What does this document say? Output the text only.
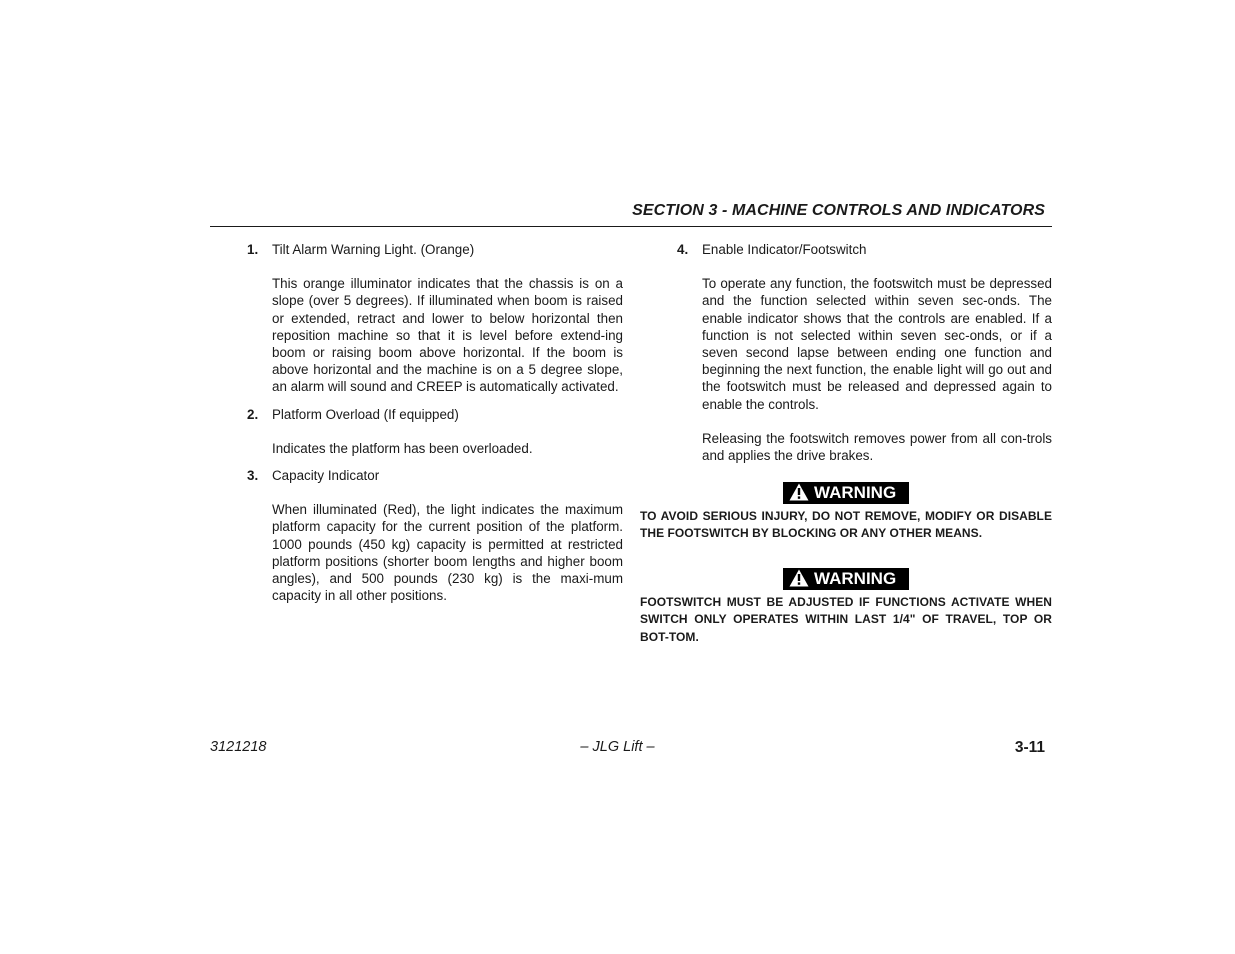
SECTION 3 - MACHINE CONTROLS AND INDICATORS
1.	Tilt Alarm Warning Light. (Orange)

This orange illuminator indicates that the chassis is on a slope (over 5 degrees). If illuminated when boom is raised or extended, retract and lower to below horizontal then reposition machine so that it is level before extend-ing boom or raising boom above horizontal. If the boom is above horizontal and the machine is on a 5 degree slope, an alarm will sound and CREEP is automatically activated.

2.	Platform Overload (If equipped)

Indicates the platform has been overloaded.

3.	Capacity Indicator

When illuminated (Red), the light indicates the maximum platform capacity for the current position of the platform. 1000 pounds (450 kg) capacity is permitted at restricted platform positions (shorter boom lengths and higher boom angles), and 500 pounds (230 kg) is the maxi-mum capacity in all other positions.

4.	Enable Indicator/Footswitch

To operate any function, the footswitch must be depressed and the function selected within seven sec-onds. The enable indicator shows that the controls are enabled. If a function is not selected within seven sec-onds, or if a seven second lapse between ending one function and beginning the next function, the enable light will go out and the footswitch must be released and depressed again to enable the controls.

Releasing the footswitch removes power from all con-trols and applies the drive brakes.

WARNING

TO AVOID SERIOUS INJURY, DO NOT REMOVE, MODIFY OR DISABLE THE FOOTSWITCH BY BLOCKING OR ANY OTHER MEANS.

WARNING

FOOTSWITCH MUST BE ADJUSTED IF FUNCTIONS ACTIVATE WHEN SWITCH ONLY OPERATES WITHIN LAST 1/4" OF TRAVEL, TOP OR BOT-TOM.

3121218	– JLG Lift –	3-11
